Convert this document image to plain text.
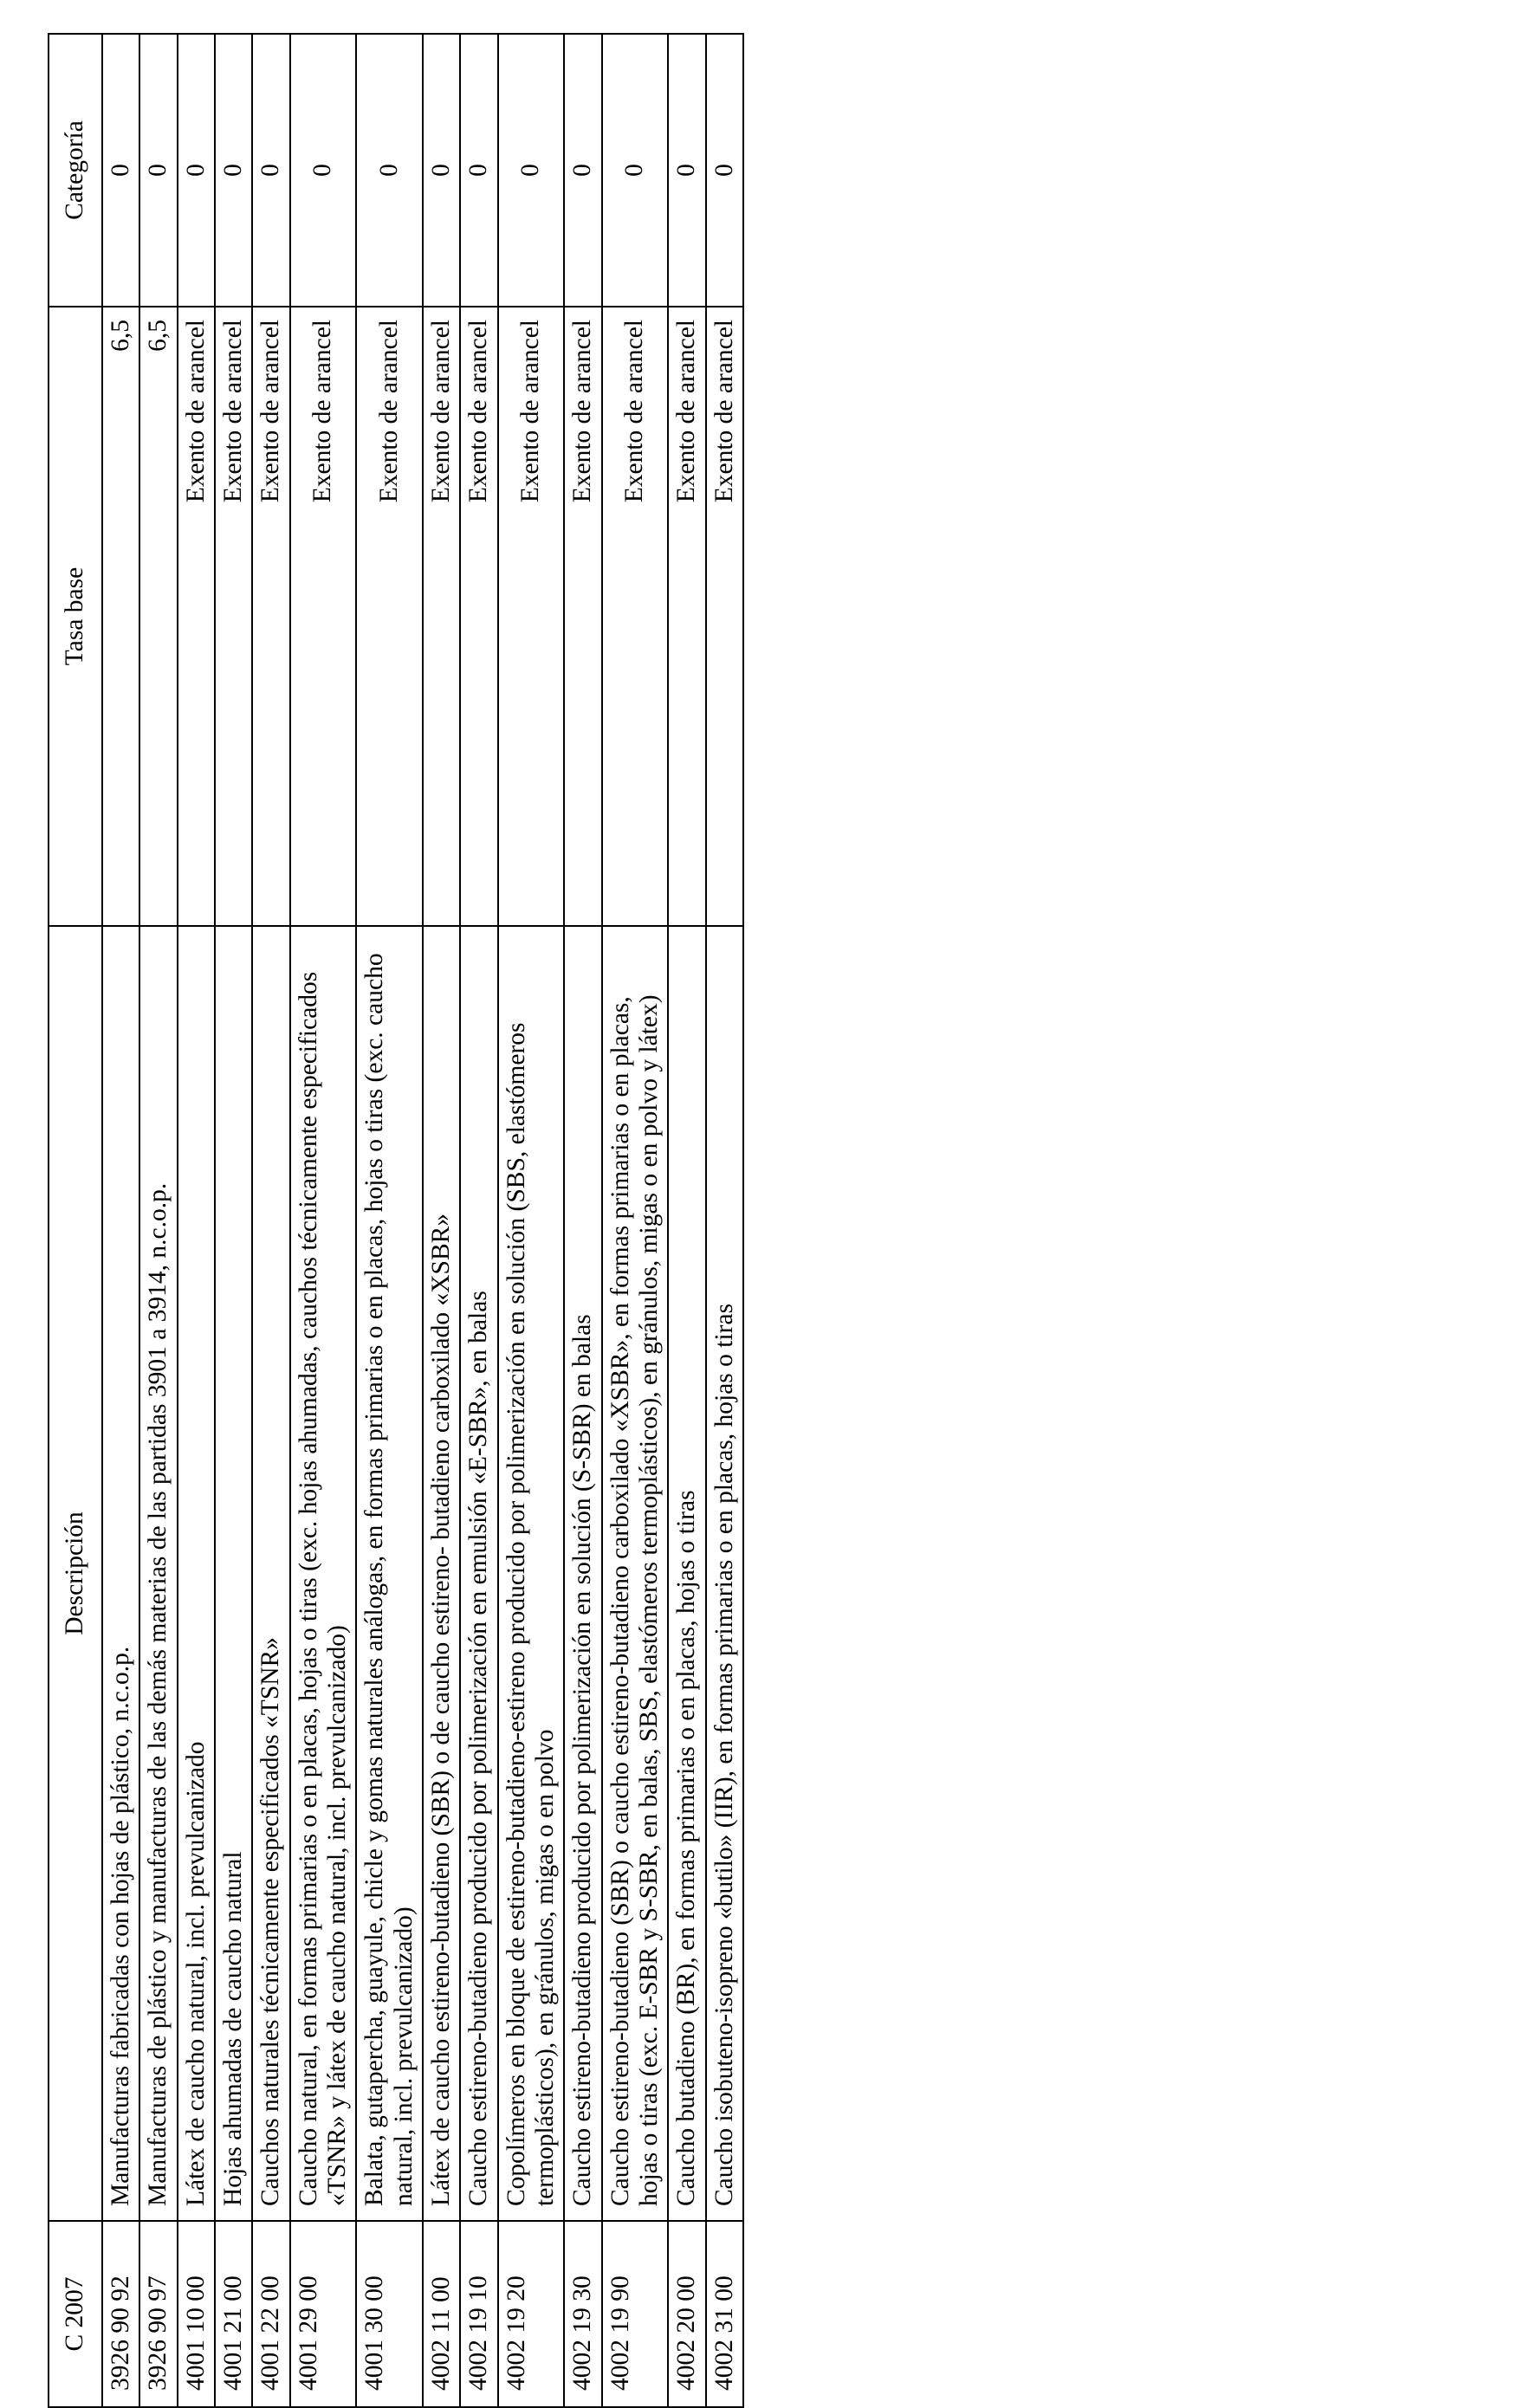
C 2007	Descripción	Tasa base	Categoría
3926 90 92	Manufacturas fabricadas con hojas de plástico, n.c.o.p.	6,5	0
3926 90 97	Manufacturas de plástico y manufacturas de las demás materias de las partidas 3901 a 3914, n.c.o.p.	6,5	0
4001 10 00	Látex de caucho natural, incl. prevulcanizado	Exento de arancel	0
4001 21 00	Hojas ahumadas de caucho natural	Exento de arancel	0
4001 22 00	Cauchos naturales técnicamente especificados «TSNR»	Exento de arancel	0
4001 29 00	Caucho natural, en formas primarias o en placas, hojas o tiras (exc. hojas ahumadas, cauchos técnicamente especificados «TSNR» y látex de caucho natural, incl. prevulcanizado)	Exento de arancel	0
4001 30 00	Balata, gutapercha, guayule, chicle y gomas naturales análogas, en formas primarias o en placas, hojas o tiras (exc. caucho natural, incl. prevulcanizado)	Exento de arancel	0
4002 11 00	Látex de caucho estireno-butadieno (SBR) o de caucho estireno- butadieno carboxilado «XSBR»	Exento de arancel	0
4002 19 10	Caucho estireno-butadieno producido por polimerización en emulsión «E-SBR», en balas	Exento de arancel	0
4002 19 20	Copolímeros en bloque de estireno-butadieno-estireno producido por polimerización en solución (SBS, elastómeros termoplásticos), en gránulos, migas o en polvo	Exento de arancel	0
4002 19 30	Caucho estireno-butadieno producido por polimerización en solución (S-SBR) en balas	Exento de arancel	0
4002 19 90	Caucho estireno-butadieno (SBR) o caucho estireno-butadieno carboxilado «XSBR», en formas primarias o en placas, hojas o tiras (exc. E-SBR y S-SBR, en balas, SBS, elastómeros termoplásticos), en gránulos, migas o en polvo y látex)	Exento de arancel	0
4002 20 00	Caucho butadieno (BR), en formas primarias o en placas, hojas o tiras	Exento de arancel	0
4002 31 00	Caucho isobuteno-isopreno «butilo» (IIR), en formas primarias o en placas, hojas o tiras	Exento de arancel	0
